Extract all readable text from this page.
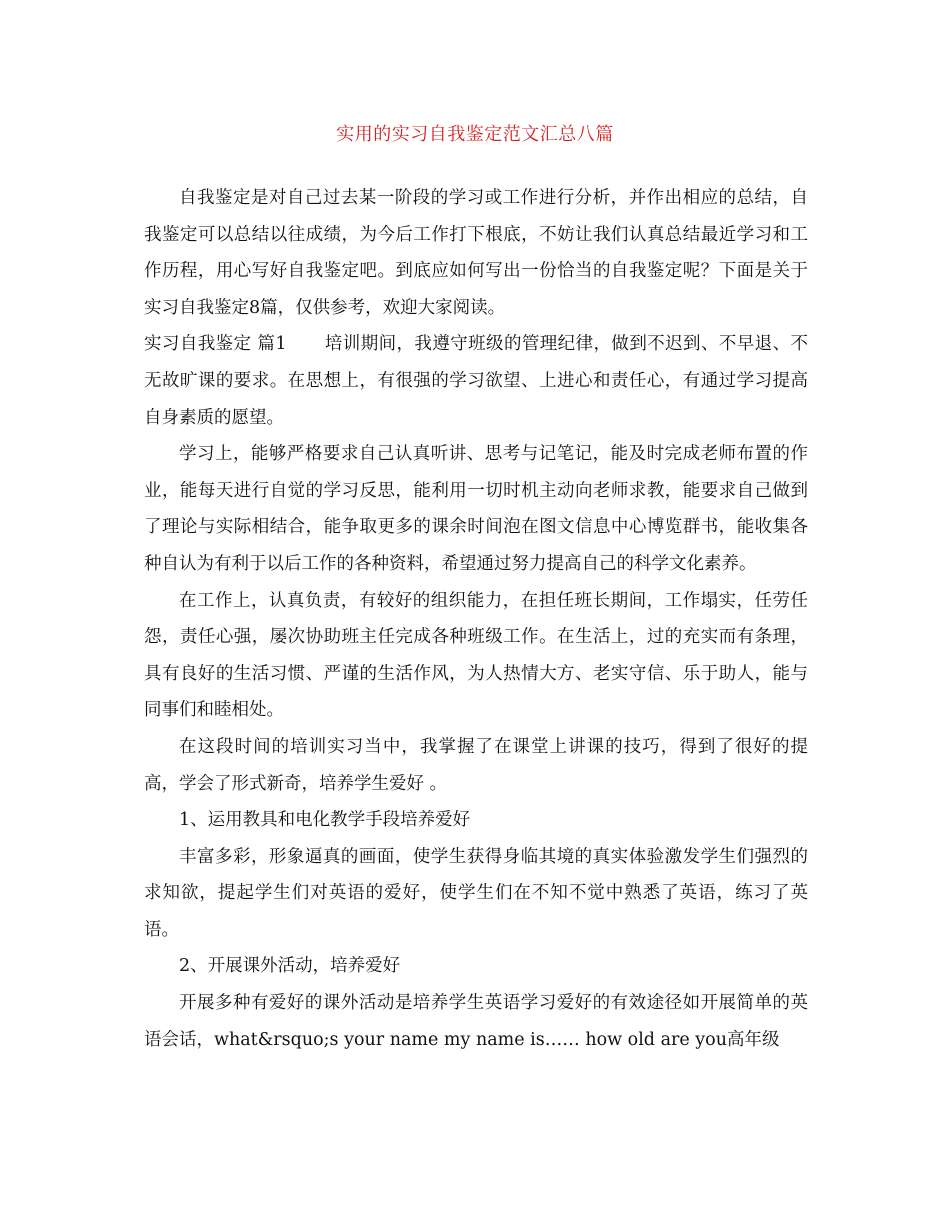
实用的实习自我鉴定范文汇总八篇

自我鉴定是对自己过去某一阶段的学习或工作进行分析，并作出相应的总结，自我鉴定可以总结以往成绩，为今后工作打下根底，不妨让我们认真总结最近学习和工作历程，用心写好自我鉴定吧。到底应如何写出一份恰当的自我鉴定呢？下面是关于实习自我鉴定8篇，仅供参考，欢迎大家阅读。

实习自我鉴定 篇1 培训期间，我遵守班级的管理纪律，做到不迟到、不早退、不无故旷课的要求。在思想上，有很强的学习欲望、上进心和责任心，有通过学习提高自身素质的愿望。

学习上，能够严格要求自己认真听讲、思考与记笔记，能及时完成老师布置的作业，能每天进行自觉的学习反思，能利用一切时机主动向老师求教，能要求自己做到了理论与实际相结合，能争取更多的课余时间泡在图文信息中心博览群书，能收集各种自认为有利于以后工作的各种资料，希望通过努力提高自己的科学文化素养。

在工作上，认真负责，有较好的组织能力，在担任班长期间，工作塌实，任劳任怨，责任心强，屡次协助班主任完成各种班级工作。在生活上，过的充实而有条理，具有良好的生活习惯、严谨的生活作风，为人热情大方、老实守信、乐于助人，能与同事们和睦相处。

在这段时间的培训实习当中，我掌握了在课堂上讲课的技巧，得到了很好的提高，学会了形式新奇，培养学生爱好 。

1、运用教具和电化教学手段培养爱好

丰富多彩，形象逼真的画面，使学生获得身临其境的真实体验激发学生们强烈的求知欲，提起学生们对英语的爱好，使学生们在不知不觉中熟悉了英语，练习了英语。

2、开展课外活动，培养爱好

开展多种有爱好的课外活动是培养学生英语学习爱好的有效途径如开展简单的英语会话，what&rsquo;s your name my name is…… how old are you高年级
